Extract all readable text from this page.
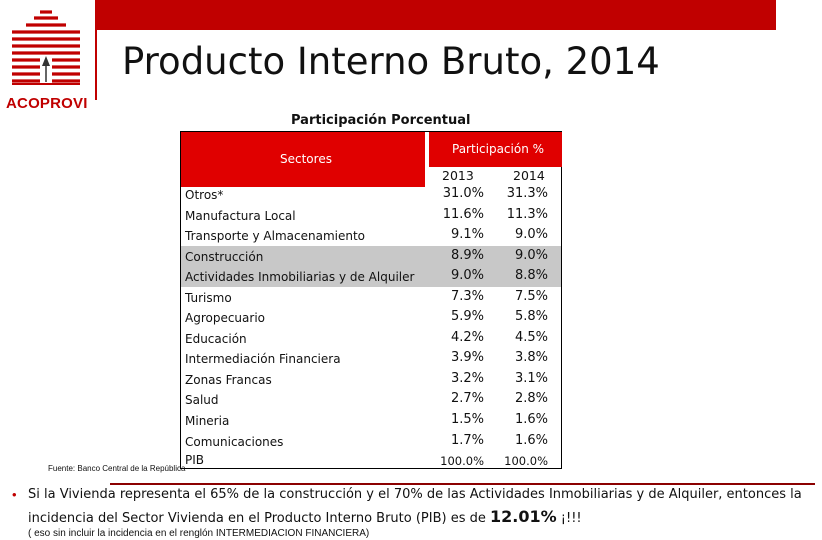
ACOPROVI
Producto Interno Bruto, 2014
Participación Porcentual
Sectores
Participación %
2013	2014
Otros*	31.0%	31.3%
Manufactura Local	11.6%	11.3%
Transporte y Almacenamiento	9.1%	9.0%
Construcción	8.9%	9.0%
Actividades Inmobiliarias y de Alquiler	9.0%	8.8%
Turismo	7.3%	7.5%
Agropecuario	5.9%	5.8%
Educación	4.2%	4.5%
Intermediación Financiera	3.9%	3.8%
Zonas Francas	3.2%	3.1%
Salud	2.7%	2.8%
Mineria	1.5%	1.6%
Comunicaciones	1.7%	1.6%
PIB	100.0%	100.0%
Fuente: Banco Central de la República
• Si la Vivienda representa el 65% de la construcción y el 70% de las Actividades Inmobiliarias y de Alquiler, entonces la
incidencia del Sector Vivienda en el Producto Interno Bruto (PIB) es de 12.01% ¡!!!
( eso sin incluir la incidencia en el renglón INTERMEDIACION FINANCIERA)
